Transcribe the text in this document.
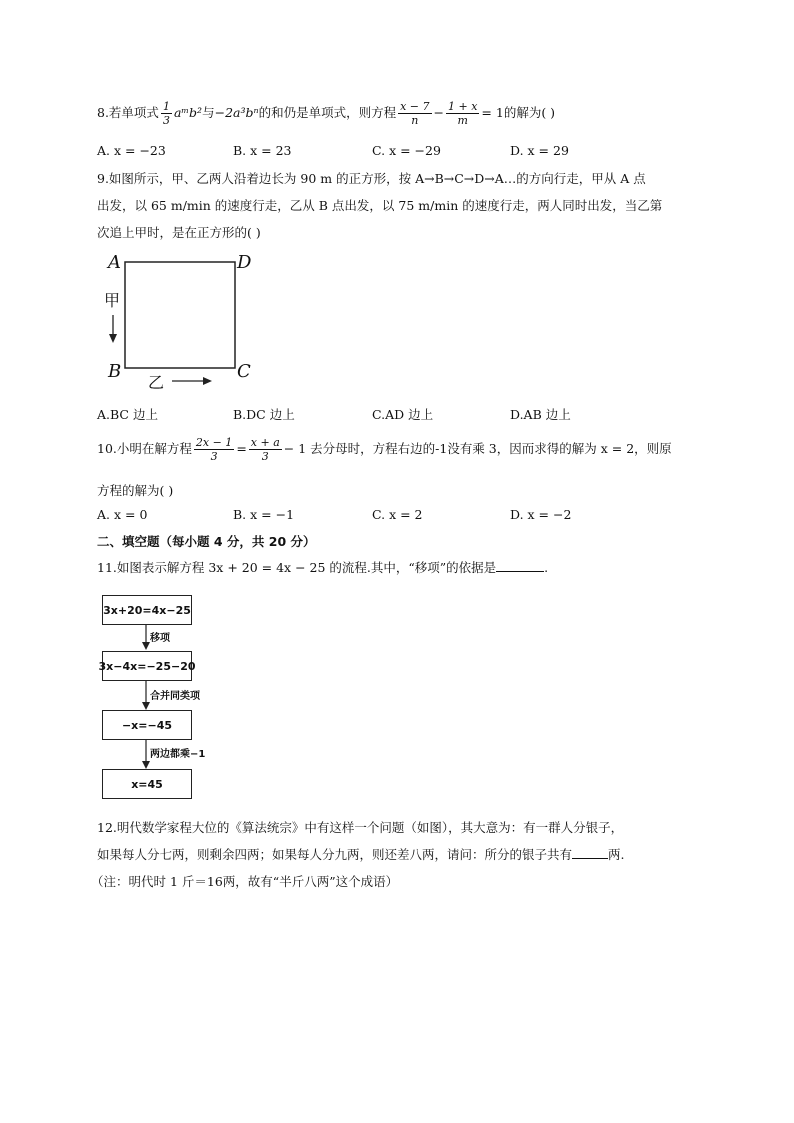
8.若单项式 $\frac{1}{3}$ aᵐb²与−2a³bⁿ的和仍是单项式，则方程 $\frac{x - 7}{n} - \frac{1 + x}{m} = 1$的解为( )
A. x = −23	B. x = 23	C. x = −29	D. x = 29
9.如图所示，甲、乙两人沿着边长为 90 m 的正方形，按 A→B→C→D→A…的方向行走，甲从 A 点
出发，以 65 m/min 的速度行走，乙从 B 点出发，以 75 m/min 的速度行走，两人同时出发，当乙第
次追上甲时，是在正方形的( )
A	D
B	C
甲
乙
A.BC 边上	B.DC 边上	C.AD 边上	D.AB 边上
10.小明在解方程 $\frac{2x - 1}{3} = \frac{x + a}{3} - 1$ 去分母时，方程右边的-1没有乘 3，因而求得的解为 x = 2，则原
方程的解为( )
A. x = 0	B. x = −1	C. x = 2	D. x = −2
二、填空题（每小题 4 分，共 20 分）
11.如图表示解方程 3x + 20 = 4x − 25 的流程.其中，“移项”的依据是	.
3x+20=4x−25
移项
3x−4x=−25−20
合并同类项
−x=−45
两边都乘−1
x=45
12.明代数学家程大位的《算法统宗》中有这样一个问题（如图），其大意为：有一群人分银子，
如果每人分七两，则剩余四两；如果每人分九两，则还差八两，请问：所分的银子共有	两.
（注：明代时 1 斤＝16两，故有“半斤八两”这个成语）
